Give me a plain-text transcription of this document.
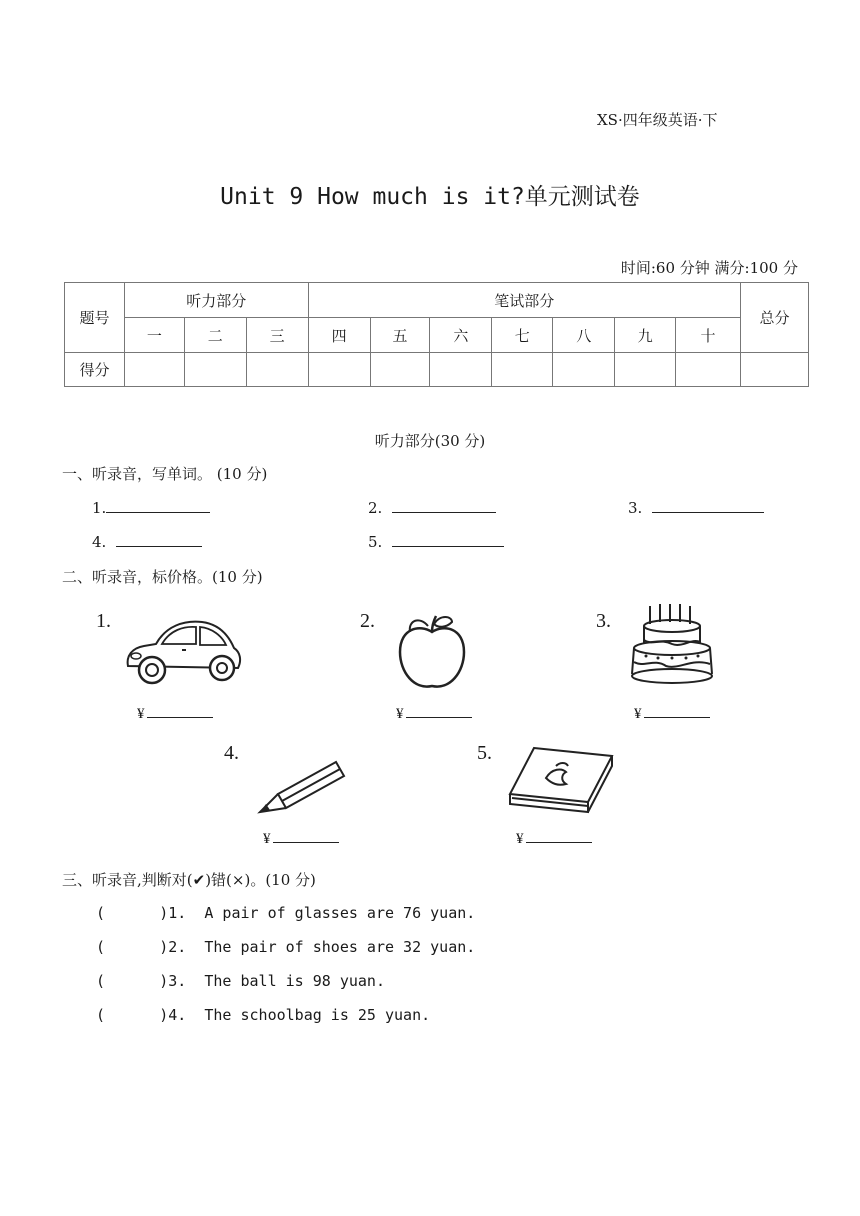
XS·四年级英语·下
Unit 9 How much is it?单元测试卷
时间:60 分钟 满分:100 分
题号	听力部分			笔试部分							总分
	一	二	三	四	五	六	七	八	九	十	
得分											
听力部分(30 分)
一、听录音，写单词。 (10 分)
1.	2.	3.
4.	5.
二、听录音，标价格。(10 分)
1.
¥
2.
¥
3.
¥
4.
¥
5.
¥
三、听录音,判断对(✔)错(×)。(10 分)
(      )1.  A pair of glasses are 76 yuan.
(      )2.  The pair of shoes are 32 yuan.
(      )3.  The ball is 98 yuan.
(      )4.  The schoolbag is 25 yuan.
